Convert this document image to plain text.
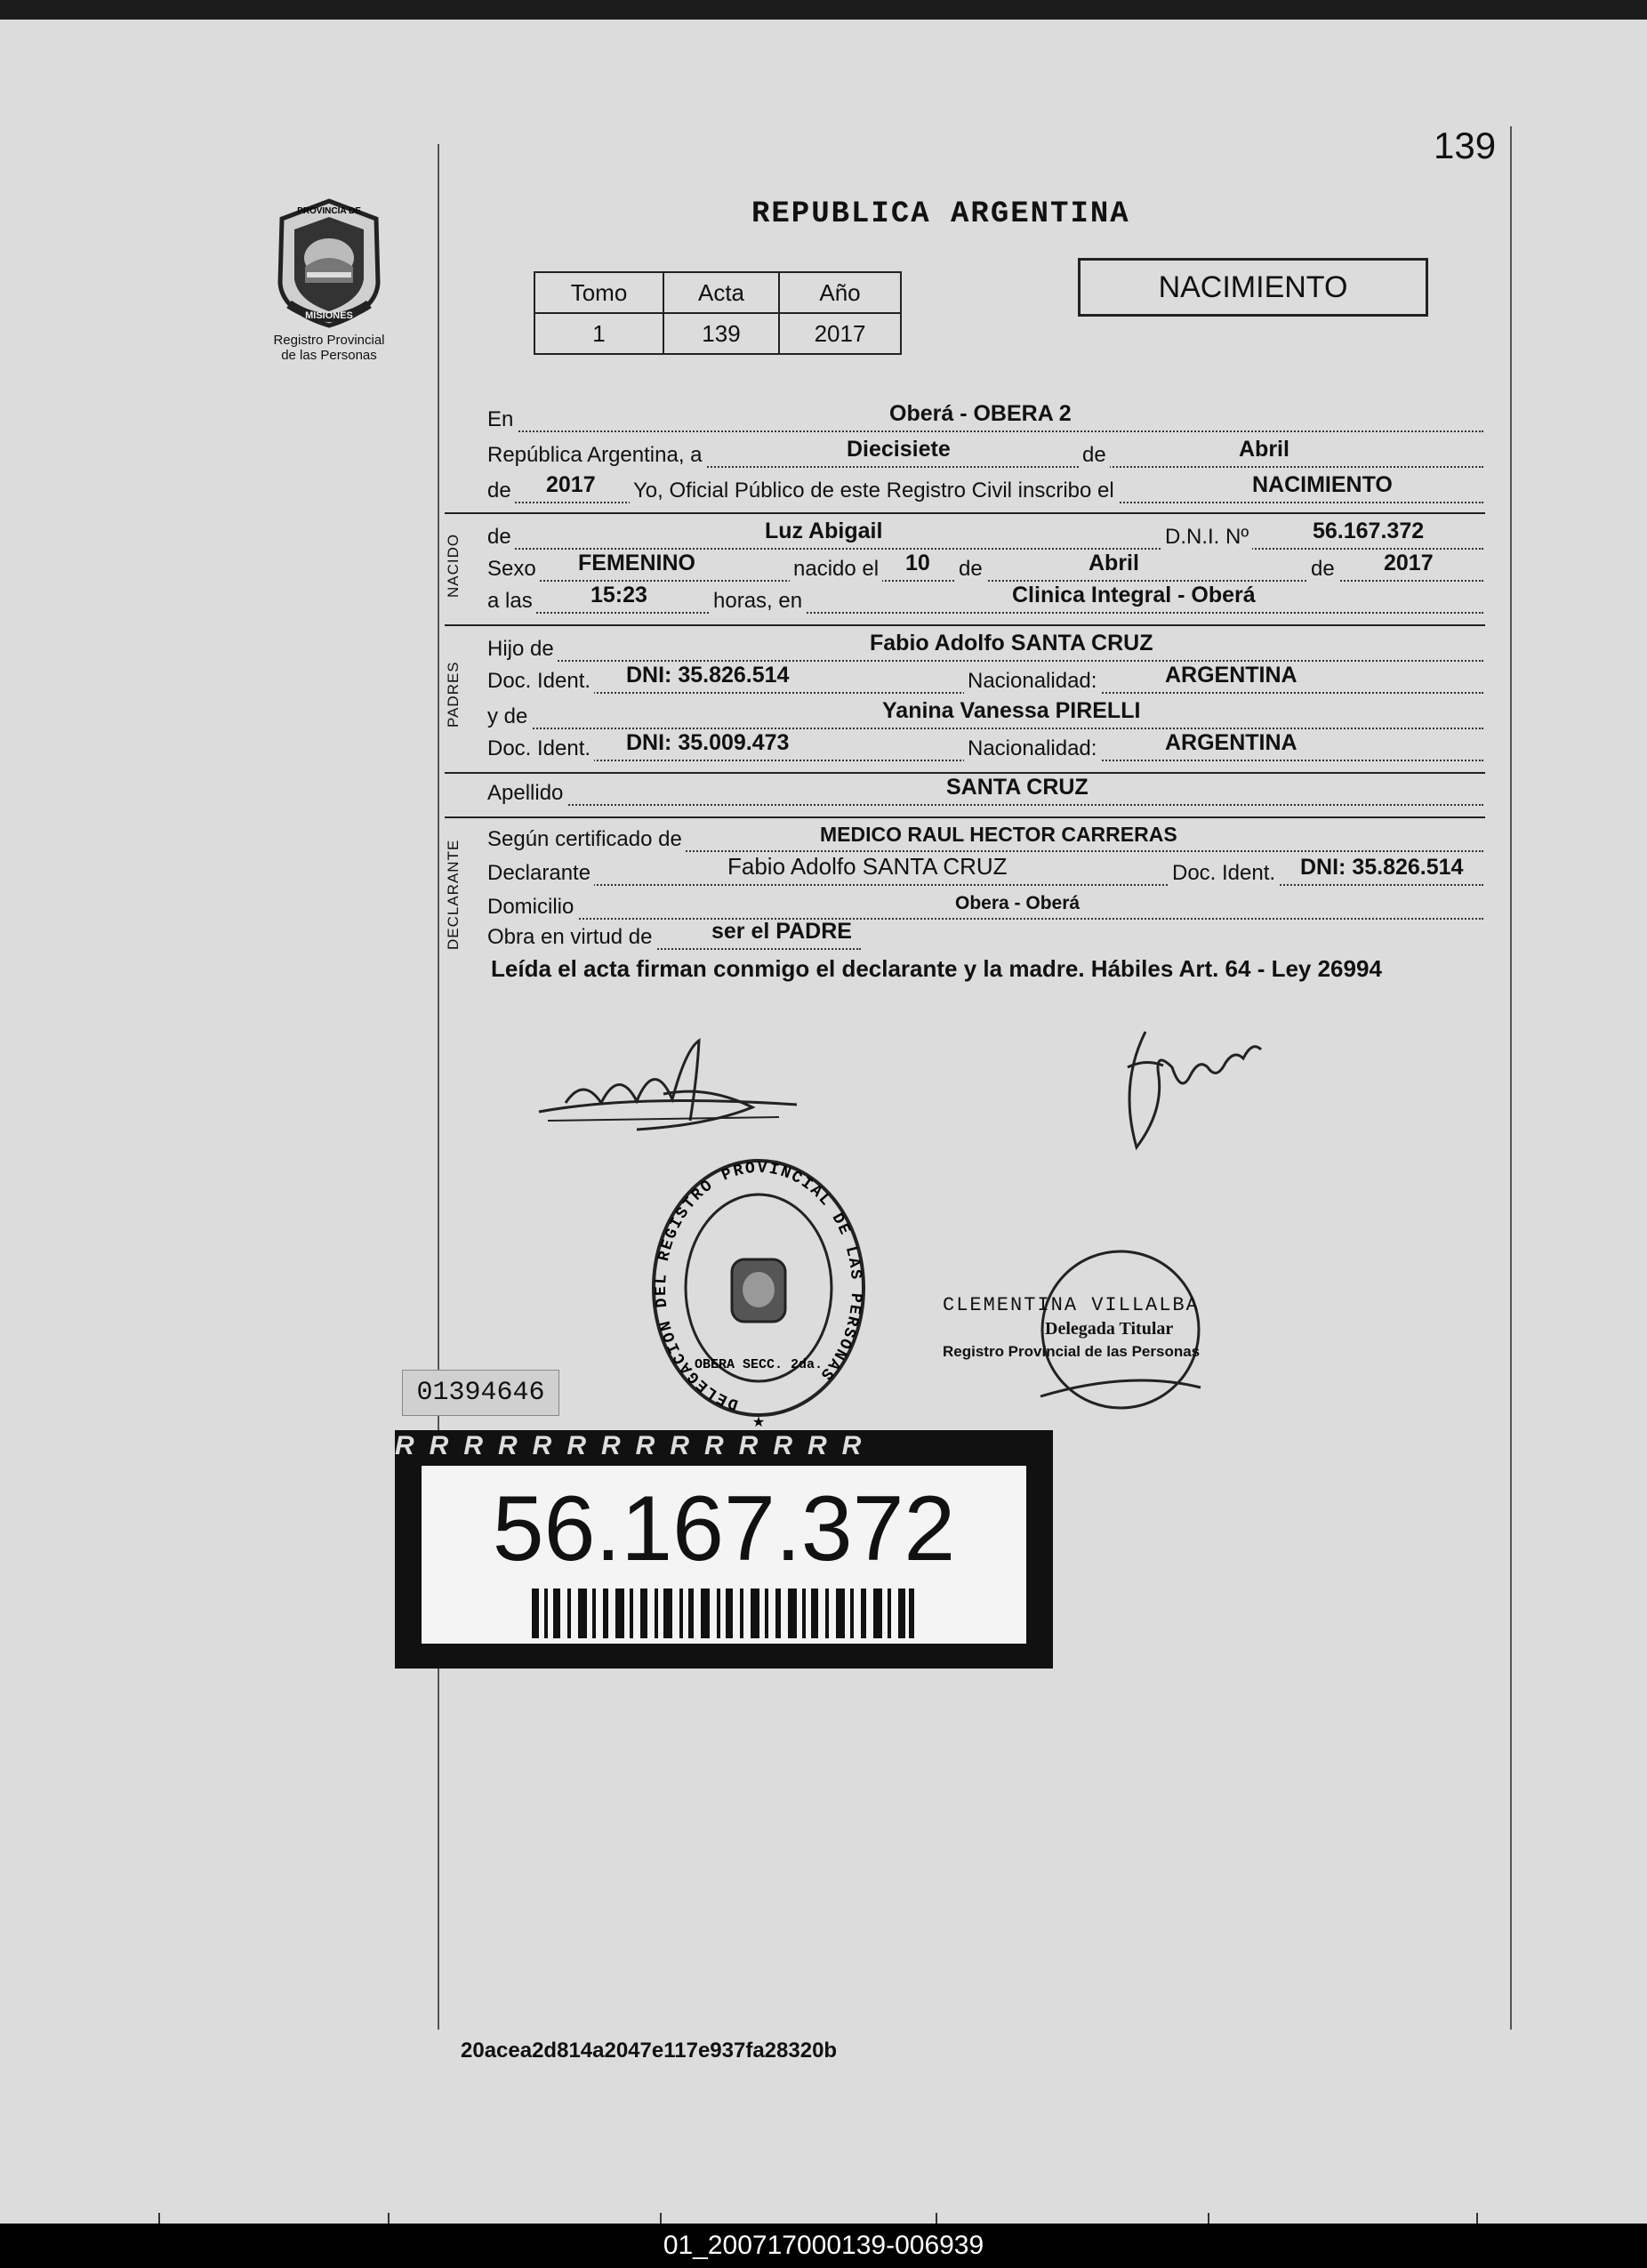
139
PROVINCIA DE
MISIONES
Registro Provincial
de las Personas
REPUBLICA ARGENTINA
Tomo	Acta	Año
1	139	2017
NACIMIENTO
En	Oberá - OBERA 2
República Argentina, a	Diecisiete	de	Abril
de 2017 Yo, Oficial Público de este Registro Civil inscribo el	NACIMIENTO
NACIDO de	Luz Abigail	D.N.I. Nº	56.167.372
Sexo FEMENINO	nacido el 10 de	Abril	de 2017
a las	15:23	horas, en	Clinica Integral - Oberá
PADRES
Hijo de	Fabio Adolfo SANTA CRUZ
Doc. Ident. DNI: 35.826.514	Nacionalidad:	ARGENTINA
y de	Yanina Vanessa PIRELLI
Doc. Ident. DNI: 35.009.473	Nacionalidad:	ARGENTINA
Apellido	SANTA CRUZ
DECLARANTE
Según certificado de	MEDICO RAUL HECTOR CARRERAS
Declarante	Fabio Adolfo SANTA CRUZ	Doc. Ident. DNI: 35.826.514
Domicilio	Obera - Oberá
Obra en virtud de	ser el PADRE
Leída el acta firman conmigo el declarante y la madre. Hábiles Art. 64 - Ley 26994
DELEGACION DEL REGISTRO PROVINCIAL DE LAS PERSONAS
OBERA SECC. 2da.
★
CLEMENTINA VILLALBA
Delegada Titular
Registro Provincial de las Personas
01394646
RRRRRRRRRRRRRR
56.167.372
20acea2d814a2047e117e937fa28320b
01_200717000139-006939
